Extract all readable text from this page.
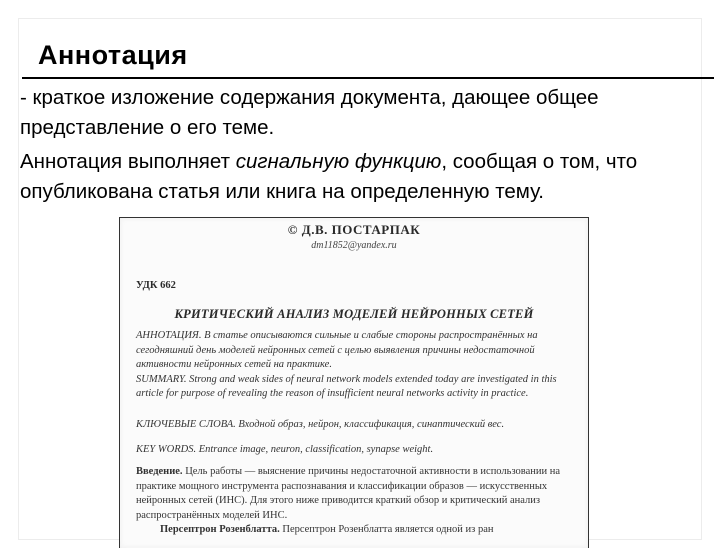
Аннотация

- краткое изложение содержания документа, дающее общее представление о его теме.

Аннотация выполняет сигнальную функцию, сообщая о том, что опубликована статья или книга на определенную тему.

© Д.В. ПОСТАРПАК
dm11852@yandex.ru
УДК 662
КРИТИЧЕСКИЙ АНАЛИЗ МОДЕЛЕЙ НЕЙРОННЫХ СЕТЕЙ
АННОТАЦИЯ. В статье описываются сильные и слабые стороны распространённых на сегодняшний день моделей нейронных сетей с целью выявления причины недостаточной активности нейронных сетей на практике.
SUMMARY. Strong and weak sides of neural network models extended today are investigated in this article for purpose of revealing the reason of insufficient neural networks activity in practice.
КЛЮЧЕВЫЕ СЛОВА. Входной образ, нейрон, классификация, синаптический вес.
KEY WORDS. Entrance image, neuron, classification, synapse weight.
Введение. Цель работы — выяснение причины недостаточной активности в использовании на практике мощного инструмента распознавания и классификации образов — искусственных нейронных сетей (ИНС). Для этого ниже приводится краткий обзор и критический анализ распространённых моделей ИНС.
Персептрон Розенблатта. Персептрон Розенблатта является одной из ран
